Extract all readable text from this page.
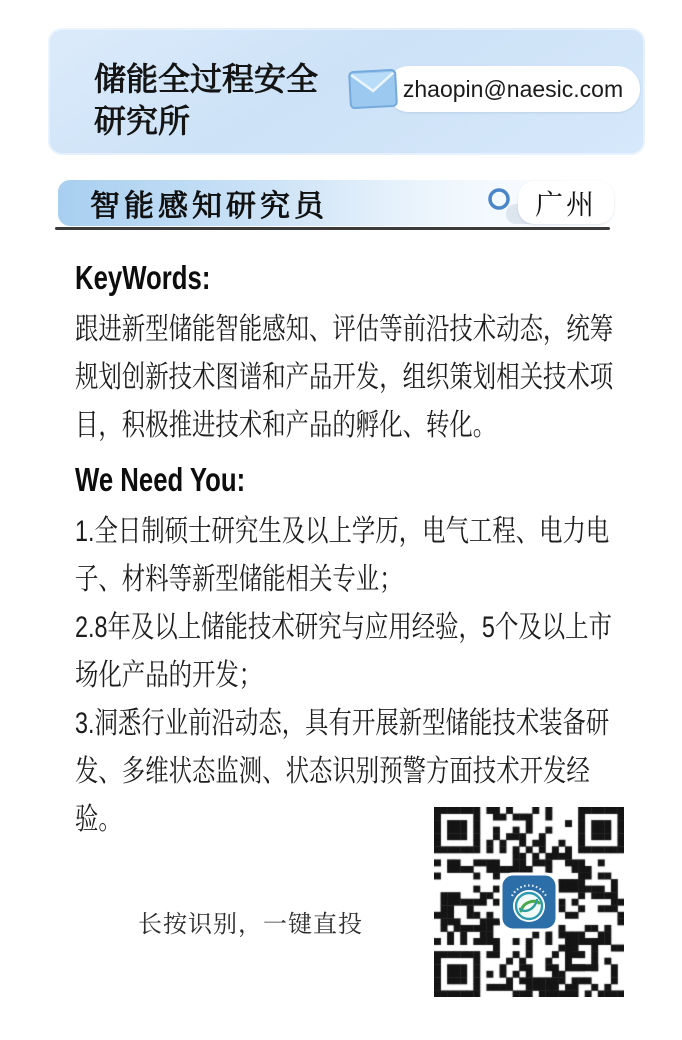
储能全过程安全研究所
zhaopin@naesic.com
智能感知研究员	广州
KeyWords:

跟进新型储能智能感知、评估等前沿技术动态，统筹规划创新技术图谱和产品开发，组织策划相关技术项目，积极推进技术和产品的孵化、转化。

We Need You:

1.全日制硕士研究生及以上学历，电气工程、电力电子、材料等新型储能相关专业；

2.8年及以上储能技术研究与应用经验，5个及以上市场化产品的开发；

3.洞悉行业前沿动态，具有开展新型储能技术装备研发、多维状态监测、状态识别预警方面技术开发经验。

长按识别，一键直投
